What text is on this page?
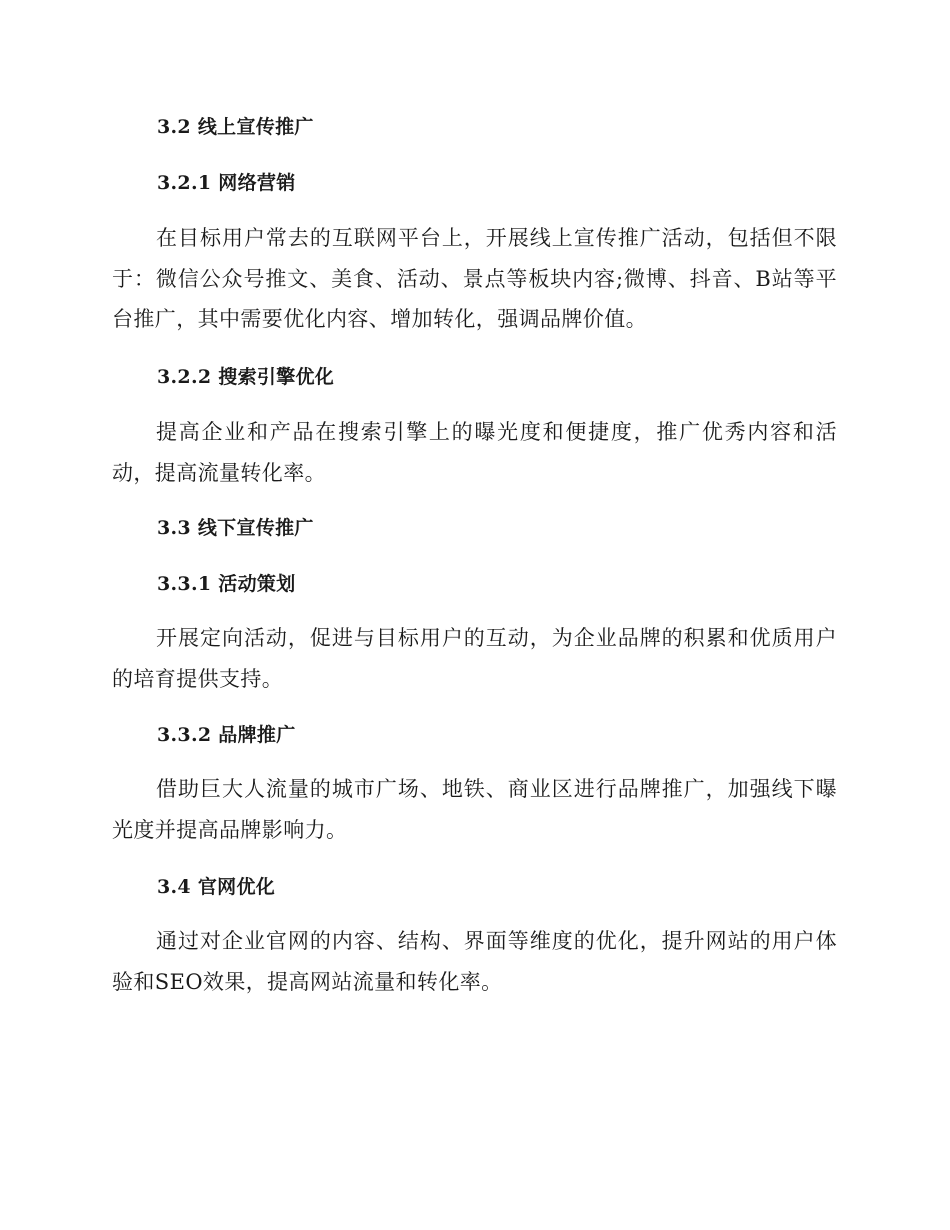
3.2 线上宣传推广
3.2.1 网络营销
在目标用户常去的互联网平台上，开展线上宣传推广活动，包括但不限于：微信公众号推文、美食、活动、景点等板块内容;微博、抖音、B站等平台推广，其中需要优化内容、增加转化，强调品牌价值。
3.2.2 搜索引擎优化
提高企业和产品在搜索引擎上的曝光度和便捷度，推广优秀内容和活动，提高流量转化率。
3.3 线下宣传推广
3.3.1 活动策划
开展定向活动，促进与目标用户的互动，为企业品牌的积累和优质用户的培育提供支持。
3.3.2 品牌推广
借助巨大人流量的城市广场、地铁、商业区进行品牌推广，加强线下曝光度并提高品牌影响力。
3.4 官网优化
通过对企业官网的内容、结构、界面等维度的优化，提升网站的用户体验和SEO效果，提高网站流量和转化率。
